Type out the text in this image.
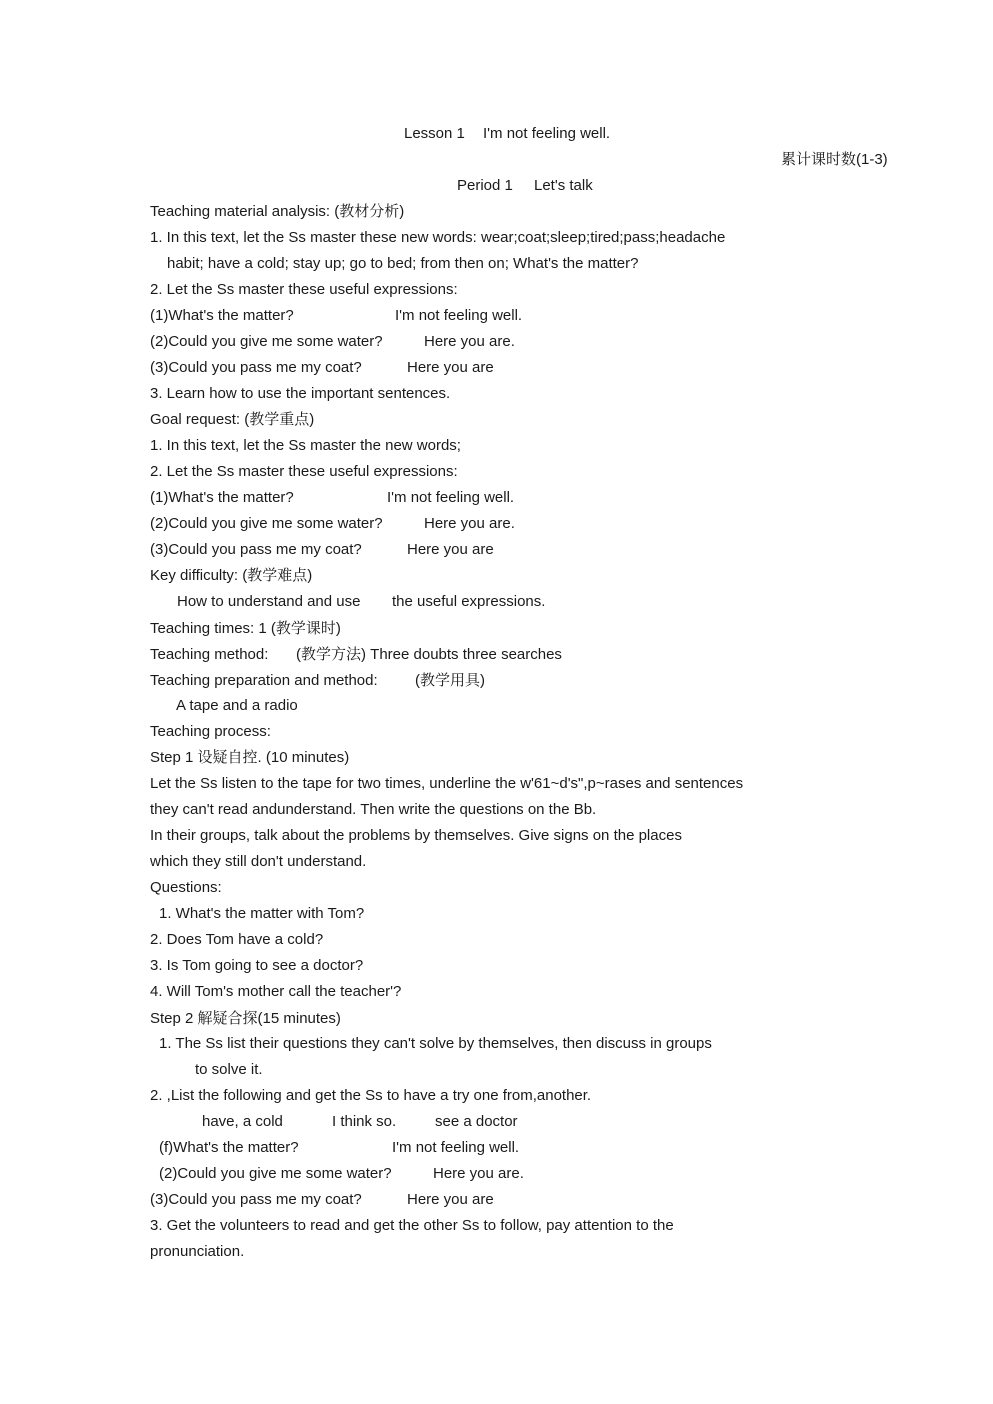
Lesson 1 I'm not feeling well.
累计课时数(1-3)
Period 1 Let's talk
Teaching material analysis: (教材分析)
1. In this text, let the Ss master these new words: wear;coat;sleep;tired;pass;headache
habit; have a cold; stay up; go to bed; from then on; What's the matter?
2. Let the Ss master these useful expressions:
(1)What's the matter?	I'm not feeling well.
(2)Could you give me some water?	Here you are.
(3)Could you pass me my coat?	Here you are
3. Learn how to use the important sentences.
Goal request: (教学重点)
1. In this text, let the Ss master the new words;
2. Let the Ss master these useful expressions:
(1)What's the matter?	I'm not feeling well.
(2)Could you give me some water?	Here you are.
(3)Could you pass me my coat?	Here you are
Key difficulty: (教学难点)
How to understand and use the useful expressions.
Teaching times: 1 (教学课时)
Teaching method: (教学方法) Three doubts three searches
Teaching preparation and method: (教学用具)
A tape and a radio
Teaching process:
Step 1 设疑自控. (10 minutes)
Let the Ss listen to the tape for two times, underline the w'61~d's",p~rases and sentences
they can't read andunderstand. Then write the questions on the Bb.
In their groups, talk about the problems by themselves. Give signs on the places
which they still don't understand.
Questions:
1. What's the matter with Tom?
2. Does Tom have a cold?
3. Is Tom going to see a doctor?
4. Will Tom's mother call the teacher'?
Step 2 解疑合探(15 minutes)
1. The Ss list their questions they can't solve by themselves, then discuss in groups
to solve it.
2. ,List the following and get the Ss to have a try one from,another.
have, a cold	I think so.	see a doctor
(f)What's the matter?	I'm not feeling well.
(2)Could you give me some water?	Here you are.
(3)Could you pass me my coat?	Here you are
3. Get the volunteers to read and get the other Ss to follow, pay attention to the
pronunciation.
